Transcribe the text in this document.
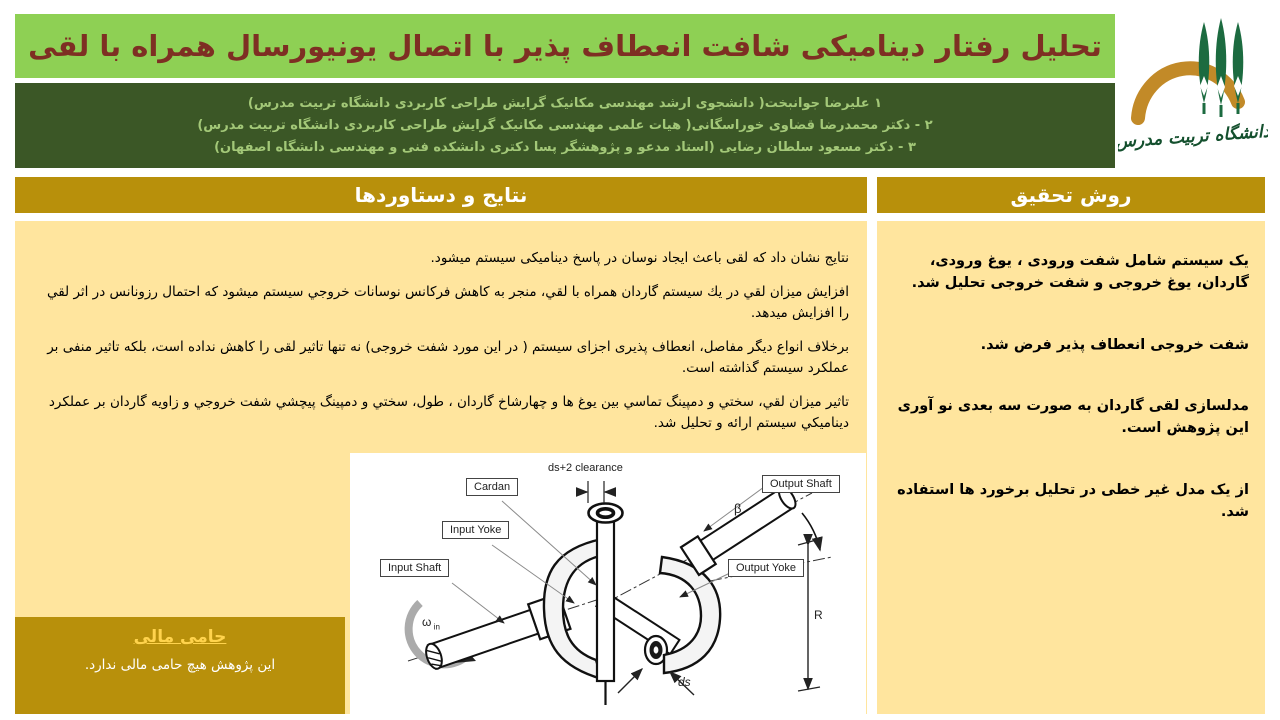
تحلیل رفتار دینامیکی شافت انعطاف پذیر با اتصال یونیورسال همراه با لقی
دانشگاه تربیت مدرس
۱ علیرضا جوانبخت( دانشجوی ارشد مهندسی مکانیک گرایش طراحی کاربردی دانشگاه تربیت مدرس)
۲ - دکتر محمدرضا قضاوی خوراسگانی( هیات علمی مهندسی مکانیک گرایش طراحی کاربردی دانشگاه تربیت مدرس)
۳ - دکتر مسعود سلطان رضایی (استاد مدعو و پژوهشگر پسا دکتری دانشکده فنی و مهندسی دانشگاه اصفهان)
نتایج و دستاوردها	روش تحقیق

نتایج نشان داد که لقی باعث ایجاد نوسان در پاسخ دینامیکی سیستم میشود.

افزایش میزان لقي در یك سیستم گاردان همراه با لقي، منجر به کاهش فرکانس نوسانات خروجي سیستم میشود که احتمال رزونانس در اثر لقي را افزایش میدهد.

برخلاف انواع دیگر مفاصل، انعطاف پذیری اجزای سیستم ( در این مورد شفت خروجی) نه تنها تاثیر لقی را کاهش نداده است، بلکه تاثیر منفی بر عملکرد سیستم گذاشته است.

تاثیر میزان لقي، سختي و دمپینگ تماسي بین یوغ ها و چهارشاخ گاردان ، طول، سختي و دمپینگ پیچشي شفت خروجي و زاویه گاردان بر عملکرد دینامیکي سیستم ارائه و تحلیل شد.

Cardan
ds+2 clearance
Output Shaft
β
Input Yoke
Input Shaft	Output Yoke
ω  $_{in}$
R
ds
حامی مالی
این پژوهش هیچ حامی مالی ندارد.

یک سیستم شامل شفت ورودی ، یوغ ورودی، گاردان، یوغ خروجی و شفت خروجی تحلیل شد.

شفت خروجی انعطاف پذیر فرض شد.

مدلسازی لقی گاردان به صورت سه بعدی نو آوری این پژوهش است.

از یک مدل غیر خطی در تحلیل برخورد ها استفاده شد.
